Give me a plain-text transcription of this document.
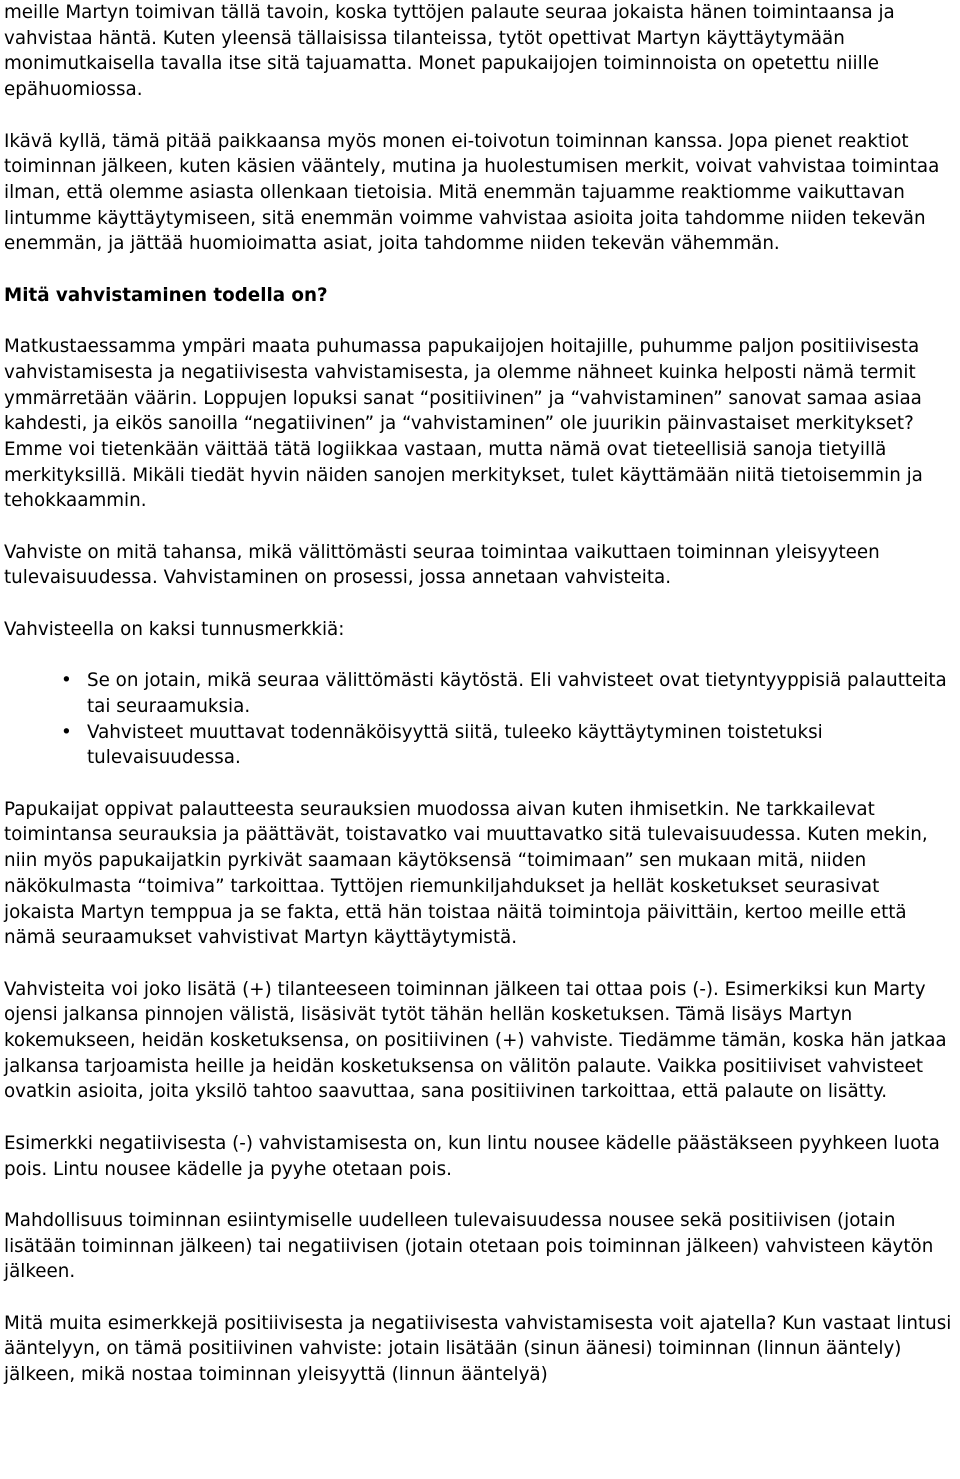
meille Martyn toimivan tällä tavoin, koska tyttöjen palaute seuraa jokaista hänen toimintaansa ja vahvistaa häntä. Kuten yleensä tällaisissa tilanteissa, tytöt opettivat Martyn käyttäytymään monimutkaisella tavalla itse sitä tajuamatta. Monet papukaijojen toiminnoista on opetettu niille epähuomiossa.

Ikävä kyllä, tämä pitää paikkaansa myös monen ei-toivotun toiminnan kanssa. Jopa pienet reaktiot toiminnan jälkeen, kuten käsien vääntely, mutina ja huolestumisen merkit, voivat vahvistaa toimintaa ilman, että olemme asiasta ollenkaan tietoisia. Mitä enemmän tajuamme reaktiomme vaikuttavan lintumme käyttäytymiseen, sitä enemmän voimme vahvistaa asioita joita tahdomme niiden tekevän enemmän, ja jättää huomioimatta asiat, joita tahdomme niiden tekevän vähemmän.

Mitä vahvistaminen todella on?

Matkustaessamma ympäri maata puhumassa papukaijojen hoitajille, puhumme paljon positiivisesta vahvistamisesta ja negatiivisesta vahvistamisesta, ja olemme nähneet kuinka helposti nämä termit ymmärretään väärin. Loppujen lopuksi sanat “positiivinen” ja “vahvistaminen” sanovat samaa asiaa kahdesti, ja eikös sanoilla “negatiivinen” ja “vahvistaminen” ole juurikin päinvastaiset merkitykset? Emme voi tietenkään väittää tätä logiikkaa vastaan, mutta nämä ovat tieteellisiä sanoja tietyillä merkityksillä. Mikäli tiedät hyvin näiden sanojen merkitykset, tulet käyttämään niitä tietoisemmin ja tehokkaammin.

Vahviste on mitä tahansa, mikä välittömästi seuraa toimintaa vaikuttaen toiminnan yleisyyteen tulevaisuudessa. Vahvistaminen on prosessi, jossa annetaan vahvisteita.

Vahvisteella on kaksi tunnusmerkkiä:

• Se on jotain, mikä seuraa välittömästi käytöstä. Eli vahvisteet ovat tietyntyyppisiä palautteita tai seuraamuksia.
• Vahvisteet muuttavat todennäköisyyttä siitä, tuleeko käyttäytyminen toistetuksi tulevaisuudessa.

Papukaijat oppivat palautteesta seurauksien muodossa aivan kuten ihmisetkin. Ne tarkkailevat toimintansa seurauksia ja päättävät, toistavatko vai muuttavatko sitä tulevaisuudessa. Kuten mekin, niin myös papukaijatkin pyrkivät saamaan käytöksensä “toimimaan” sen mukaan mitä, niiden näkökulmasta “toimiva” tarkoittaa. Tyttöjen riemunkiljahdukset ja hellät kosketukset seurasivat jokaista Martyn temppua ja se fakta, että hän toistaa näitä toimintoja päivittäin, kertoo meille että nämä seuraamukset vahvistivat Martyn käyttäytymistä.

Vahvisteita voi joko lisätä (+) tilanteeseen toiminnan jälkeen tai ottaa pois (-). Esimerkiksi kun Marty ojensi jalkansa pinnojen välistä, lisäsivät tytöt tähän hellän kosketuksen. Tämä lisäys Martyn kokemukseen, heidän kosketuksensa, on positiivinen (+) vahviste. Tiedämme tämän, koska hän jatkaa jalkansa tarjoamista heille ja heidän kosketuksensa on välitön palaute. Vaikka positiiviset vahvisteet ovatkin asioita, joita yksilö tahtoo saavuttaa, sana positiivinen tarkoittaa, että palaute on lisätty.

Esimerkki negatiivisesta (-) vahvistamisesta on, kun lintu nousee kädelle päästäkseen pyyhkeen luota pois. Lintu nousee kädelle ja pyyhe otetaan pois.

Mahdollisuus toiminnan esiintymiselle uudelleen tulevaisuudessa nousee sekä positiivisen (jotain lisätään toiminnan jälkeen) tai negatiivisen (jotain otetaan pois toiminnan jälkeen) vahvisteen käytön jälkeen.

Mitä muita esimerkkejä positiivisesta ja negatiivisesta vahvistamisesta voit ajatella? Kun vastaat lintusi ääntelyyn, on tämä positiivinen vahviste: jotain lisätään (sinun äänesi) toiminnan (linnun ääntely) jälkeen, mikä nostaa toiminnan yleisyyttä (linnun ääntelyä)
